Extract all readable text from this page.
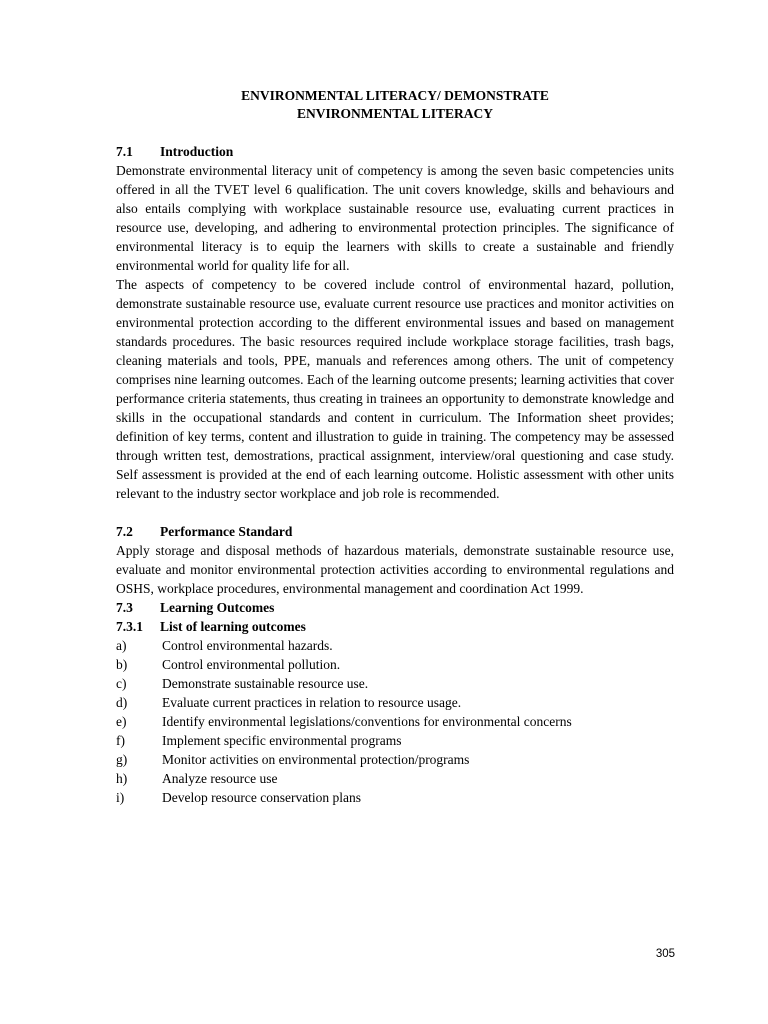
ENVIRONMENTAL LITERACY/ DEMONSTRATE
ENVIRONMENTAL LITERACY
7.1 Introduction

Demonstrate environmental literacy unit of competency is among the seven basic competencies units offered in all the TVET level 6 qualification. The unit covers knowledge, skills and behaviours and also entails complying with workplace sustainable resource use, evaluating current practices in resource use, developing, and adhering to environmental protection principles. The significance of environmental literacy is to equip the learners with skills to create a sustainable and friendly environmental world for quality life for all.

The aspects of competency to be covered include control of environmental hazard, pollution, demonstrate sustainable resource use, evaluate current resource use practices and monitor activities on environmental protection according to the different environmental issues and based on management standards procedures. The basic resources required include workplace storage facilities, trash bags, cleaning materials and tools, PPE, manuals and references among others. The unit of competency comprises nine learning outcomes. Each of the learning outcome presents; learning activities that cover performance criteria statements, thus creating in trainees an opportunity to demonstrate knowledge and skills in the occupational standards and content in curriculum. The Information sheet provides; definition of key terms, content and illustration to guide in training. The competency may be assessed through written test, demostrations, practical assignment, interview/oral questioning and case study. Self assessment is provided at the end of each learning outcome. Holistic assessment with other units relevant to the industry sector workplace and job role is recommended.

7.2 Performance Standard

Apply storage and disposal methods of hazardous materials, demonstrate sustainable resource use, evaluate and monitor environmental protection activities according to environmental regulations and OSHS, workplace procedures, environmental management and coordination Act 1999.

7.3 Learning Outcomes
7.3.1 List of learning outcomes
a)	Control environmental hazards.
b)	Control environmental pollution.
c)	Demonstrate sustainable resource use.
d)	Evaluate current practices in relation to resource usage.
e)	Identify environmental legislations/conventions for environmental concerns
f)	Implement specific environmental programs
g)	Monitor activities on environmental protection/programs
h)	Analyze resource use
i)	Develop resource conservation plans
305
